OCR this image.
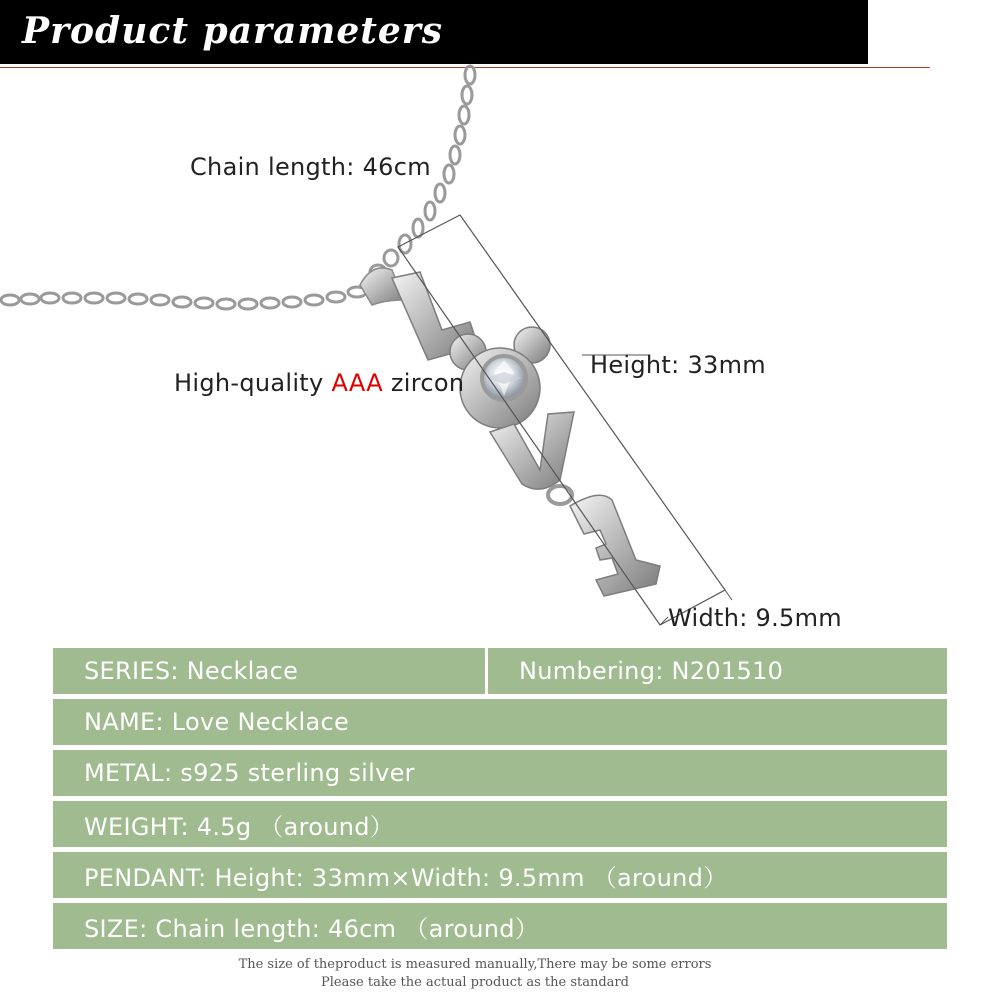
Product parameters
Chain length: 46cm
High-quality AAA zircon
Height: 33mm
Width: 9.5mm
SERIES: Necklace	Numbering: N201510
NAME: Love Necklace
METAL: s925 sterling silver
WEIGHT: 4.5g （around）
PENDANT: Height: 33mm×Width: 9.5mm （around）
SIZE: Chain length: 46cm （around）
The size of theproduct is measured manually,There may be some errors
Please take the actual product as the standard
